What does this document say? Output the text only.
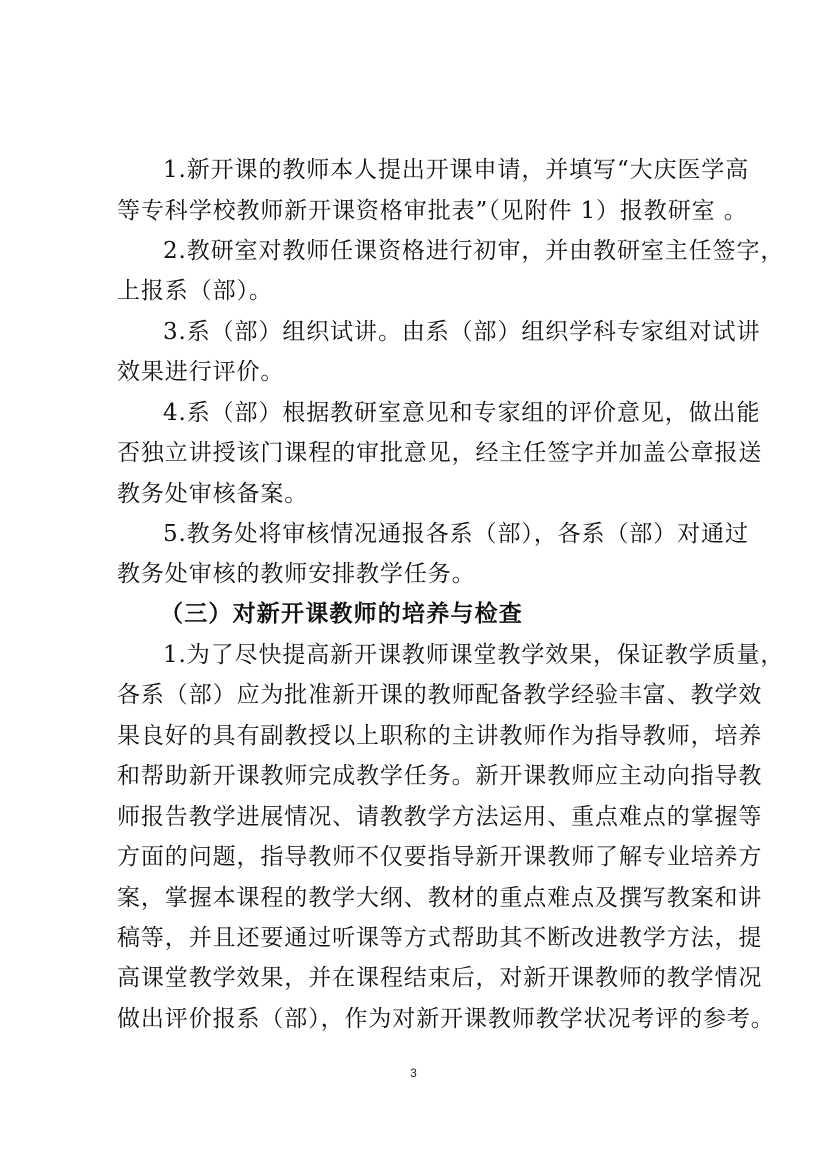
1.新开课的教师本人提出开课申请，并填写“大庆医学高
等专科学校教师新开课资格审批表”（见附件 1）报教研室 。
2.教研室对教师任课资格进行初审，并由教研室主任签字，
上报系（部）。
3.系（部）组织试讲。由系（部）组织学科专家组对试讲
效果进行评价。
4.系（部）根据教研室意见和专家组的评价意见，做出能
否独立讲授该门课程的审批意见，经主任签字并加盖公章报送
教务处审核备案。
5.教务处将审核情况通报各系（部），各系（部）对通过
教务处审核的教师安排教学任务。
（三）对新开课教师的培养与检查
1.为了尽快提高新开课教师课堂教学效果，保证教学质量，
各系（部）应为批准新开课的教师配备教学经验丰富、教学效
果良好的具有副教授以上职称的主讲教师作为指导教师，培养
和帮助新开课教师完成教学任务。新开课教师应主动向指导教
师报告教学进展情况、请教教学方法运用、重点难点的掌握等
方面的问题，指导教师不仅要指导新开课教师了解专业培养方
案，掌握本课程的教学大纲、教材的重点难点及撰写教案和讲
稿等，并且还要通过听课等方式帮助其不断改进教学方法，提
高课堂教学效果，并在课程结束后，对新开课教师的教学情况
做出评价报系（部），作为对新开课教师教学状况考评的参考。
3
